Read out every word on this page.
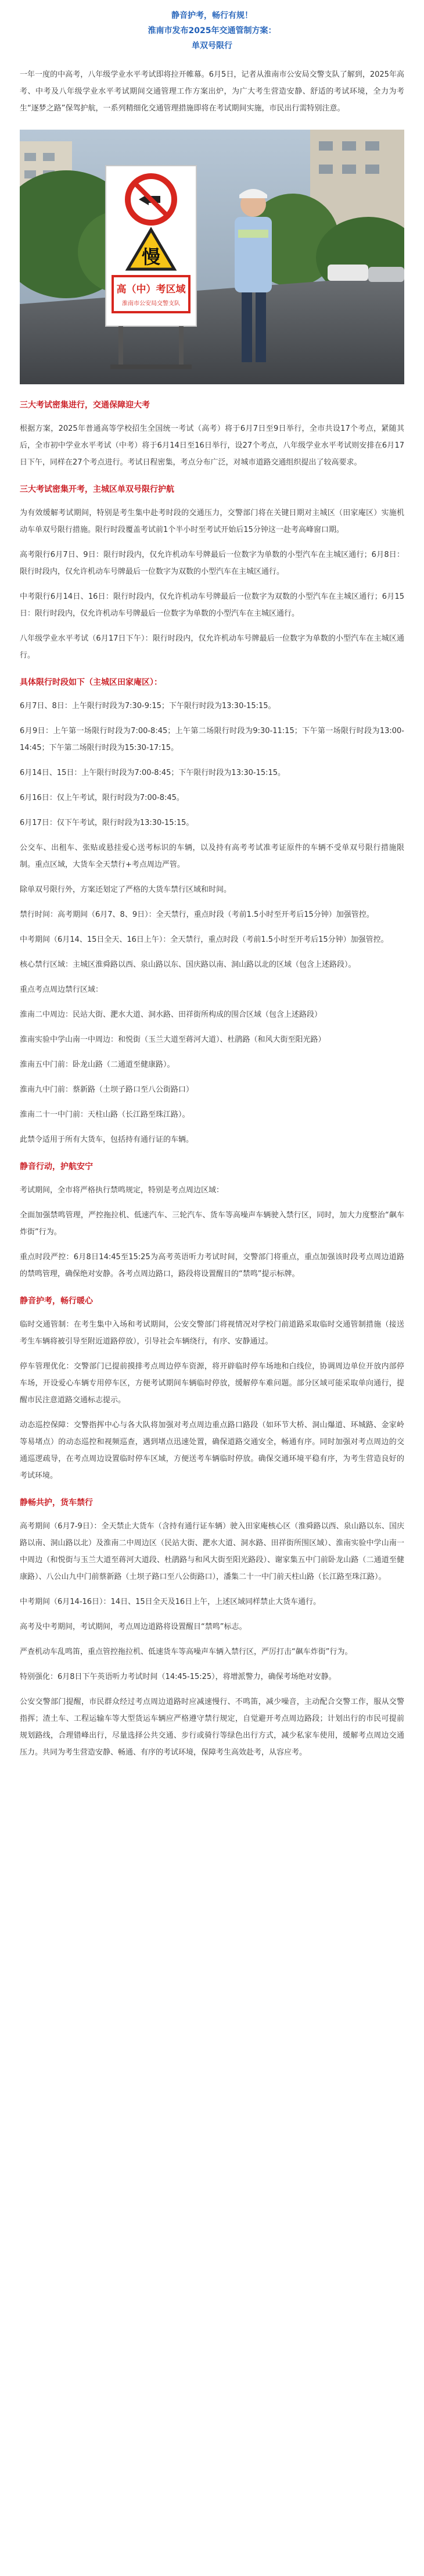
静音护考，畅行有规！
淮南市发布2025年交通管制方案：
单双号限行

一年一度的中高考，八年级学业水平考试即将拉开帷幕。6月5日，记者从淮南市公安局交警支队了解到，2025年高考、中考及八年级学业水平考试期间交通管理工作方案出炉，为广大考生营造安静、舒适的考试环境，全力为考生“逐梦之路”保驾护航，一系列精细化交通管理措施即将在考试期间实施，市民出行需特别注意。

慢
高（中）考区域
淮南市公安局交警支队
三大考试密集进行，交通保障迎大考

根据方案，2025年普通高等学校招生全国统一考试（高考）将于6月7日至9日举行，全市共设17个考点，紧随其后，全市初中学业水平考试（中考）将于6月14日至16日举行，设27个考点，八年级学业水平考试则安排在6月17日下午，同样在27个考点进行。考试日程密集，考点分布广泛，对城市道路交通组织提出了较高要求。

三大考试密集开考，主城区单双号限行护航

为有效缓解考试期间，特别是考生集中赴考时段的交通压力，交警部门将在关键日期对主城区（田家庵区）实施机动车单双号限行措施。限行时段覆盖考试前1个半小时至考试开始后15分钟这一赴考高峰窗口期。

高考限行6月7日、9日：限行时段内，仅允许机动车号牌最后一位数字为单数的小型汽车在主城区通行；6月8日：限行时段内，仅允许机动车号牌最后一位数字为双数的小型汽车在主城区通行。

中考限行6月14日、16日：限行时段内，仅允许机动车号牌最后一位数字为双数的小型汽车在主城区通行；6月15日：限行时段内，仅允许机动车号牌最后一位数字为单数的小型汽车在主城区通行。

八年级学业水平考试（6月17日下午）：限行时段内，仅允许机动车号牌最后一位数字为单数的小型汽车在主城区通行。

具体限行时段如下（主城区田家庵区）：

6月7日、8日：上午限行时段为7:30-9:15；下午限行时段为13:30-15:15。

6月9日：上午第一场限行时段为7:00-8:45；上午第二场限行时段为9:30-11:15；下午第一场限行时段为13:00-14:45；下午第二场限行时段为15:30-17:15。

6月14日、15日：上午限行时段为7:00-8:45；下午限行时段为13:30-15:15。

6月16日：仅上午考试，限行时段为7:00-8:45。

6月17日：仅下午考试，限行时段为13:30-15:15。

公交车、出租车、张贴或悬挂爱心送考标识的车辆，以及持有高考考试准考证原件的车辆不受单双号限行措施限制。重点区域，大货车全天禁行+考点周边严管。

除单双号限行外，方案还划定了严格的大货车禁行区域和时间。

禁行时间：高考期间（6月7、8、9日）：全天禁行，重点时段（考前1.5小时至开考后15分钟）加强管控。

中考期间（6月14、15日全天、16日上午）：全天禁行，重点时段（考前1.5小时至开考后15分钟）加强管控。

核心禁行区域：主城区淮舜路以西、泉山路以东、国庆路以南、洞山路以北的区域（包含上述路段）。

重点考点周边禁行区域：

淮南二中周边：民站大街、淝水大道、洞水路、田祥街所构成的围合区域（包含上述路段）

淮南实验中学山南一中周边：和悦街（玉兰大道至蒋河大道）、杜鹃路（和风大街至阳光路）

淮南五中门前：卧龙山路（二通道至健康路）。

淮南九中门前：蔡新路（土坝子路口至八公街路口）

淮南二十一中门前：天柱山路（长江路至珠江路）。

此禁令适用于所有大货车，包括持有通行证的车辆。

静音行动，护航安宁

考试期间，全市将严格执行禁鸣规定，特别是考点周边区域：

全面加强禁鸣管理，严控拖拉机、低速汽车、三轮汽车、货车等高噪声车辆驶入禁行区，同时，加大力度整治“飙车炸街”行为。

重点时段严控：6月8日14:45至15:25为高考英语听力考试时间，交警部门将重点，重点加强该时段考点周边道路的禁鸣管理，确保绝对安静。各考点周边路口，路段将设置醒目的“禁鸣”提示标牌。

静音护考，畅行暖心

临时交通管制：在考生集中入场和考试期间，公安交警部门将视情况对学校门前道路采取临时交通管制措施（接送考生车辆将被引导至附近道路停放），引导社会车辆绕行，有序、安静通过。

停车管理优化：交警部门已提前摸排考点周边停车资源，将开辟临时停车场地和白线位，协调周边单位开放内部停车场，开设爱心车辆专用停车区，方便考试期间车辆临时停放，缓解停车难问题。部分区域可能采取单向通行，提醒市民注意道路交通标志提示。

动态巡控保障：交警指挥中心与各大队将加强对考点周边重点路口路段（如环节大桥、洞山爆道、环城路、金家岭等易堵点）的动态巡控和视频巡查，遇到堵点迅速处置，确保道路交通安全，畅通有序。同时加强对考点周边的交通巡逻疏导，在考点周边设置临时停车区域，方便送考车辆临时停放。确保交通环境平稳有序，为考生营造良好的考试环境。

静畅共护，货车禁行

高考期间（6月7-9日）：全天禁止大货车（含持有通行证车辆）驶入田家庵核心区（淮舜路以西、泉山路以东、国庆路以南、洞山路以北）及淮南二中周边区（民站大街、淝水大道、洞水路、田祥街所围区域）、淮南实验中学山南一中周边（和悦街与玉兰大道至蒋河大道段、杜鹃路与和风大街至阳光路段）、谢家集五中门前卧龙山路（二通道至健康路）、八公山九中门前蔡新路（土坝子路口至八公街路口），潘集二十一中门前天柱山路（长江路至珠江路）。

中考期间（6月14-16日）：14日、15日全天及16日上午，上述区域同样禁止大货车通行。

高考及中考期间，考试期间，考点周边道路将设置醒目“禁鸣”标志。

严查机动车乱鸣笛，重点管控拖拉机、低速货车等高噪声车辆入禁行区，严厉打击“飙车炸街”行为。

特别强化：6月8日下午英语听力考试时间（14:45-15:25），将增派警力，确保考场绝对安静。

公安交警部门提醒，市民群众经过考点周边道路时应减速慢行、不鸣笛，减少噪音，主动配合交警工作，服从交警指挥；渣土车、工程运输车等大型货运车辆应严格遵守禁行规定，自觉避开考点周边路段；计划出行的市民可提前规划路线，合理错峰出行，尽量选择公共交通、步行或骑行等绿色出行方式，减少私家车使用，缓解考点周边交通压力。共同为考生营造安静、畅通、有序的考试环境，保障考生高效赴考，从容应考。
